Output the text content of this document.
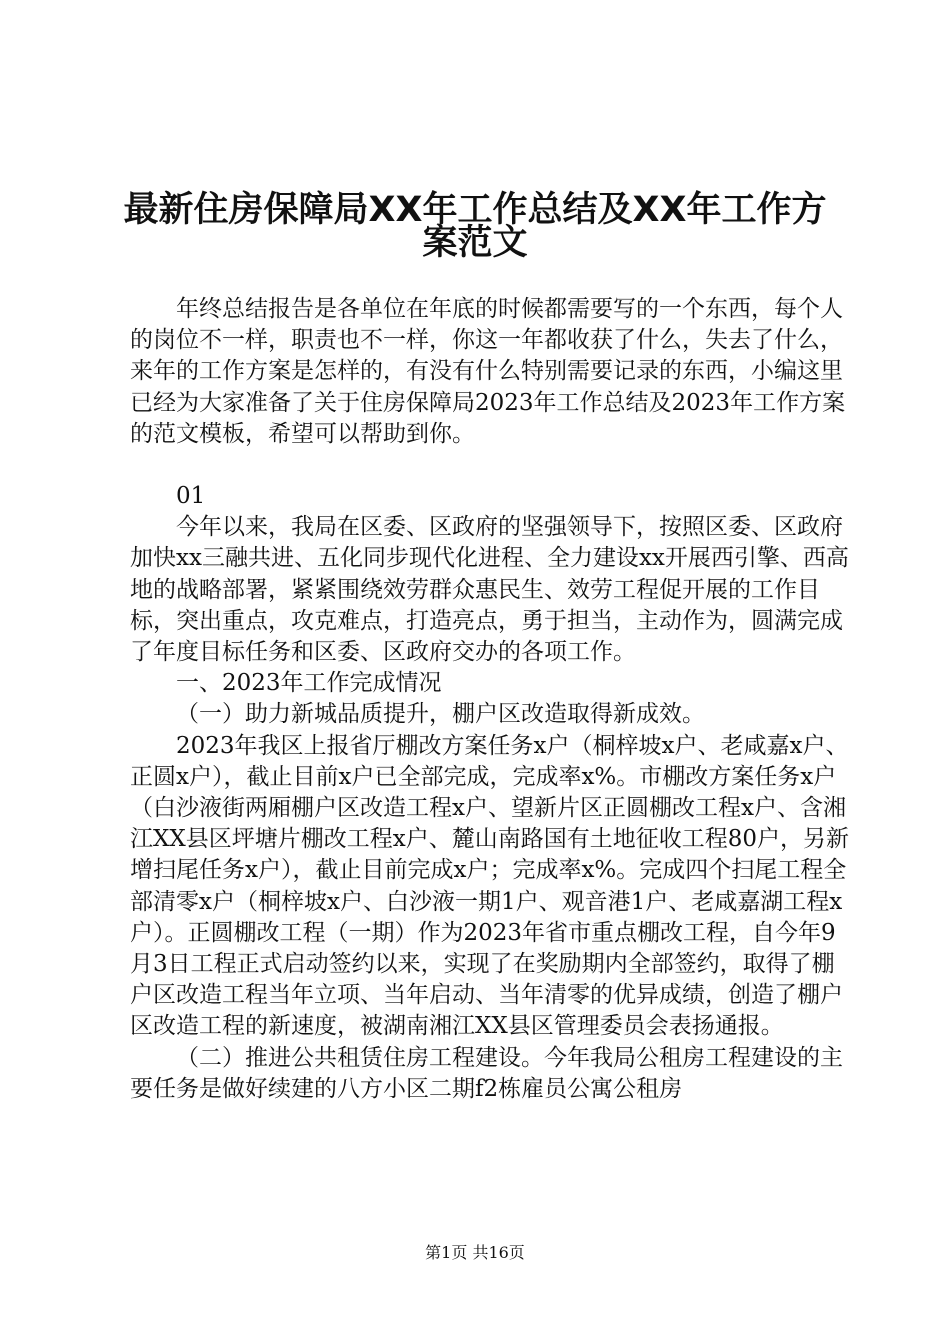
最新住房保障局XX年工作总结及XX年工作方
案范文

年终总结报告是各单位在年底的时候都需要写的一个东西，每个人的岗位不一样，职责也不一样，你这一年都收获了什么，失去了什么，来年的工作方案是怎样的，有没有什么特别需要记录的东西，小编这里已经为大家准备了关于住房保障局2023年工作总结及2023年工作方案的范文模板，希望可以帮助到你。

01

今年以来，我局在区委、区政府的坚强领导下，按照区委、区政府加快xx三融共进、五化同步现代化进程、全力建设xx开展西引擎、西高地的战略部署，紧紧围绕效劳群众惠民生、效劳工程促开展的工作目标，突出重点，攻克难点，打造亮点，勇于担当，主动作为，圆满完成了年度目标任务和区委、区政府交办的各项工作。

一、2023年工作完成情况

（一）助力新城品质提升，棚户区改造取得新成效。

2023年我区上报省厅棚改方案任务x户（桐梓坡x户、老咸嘉x户、正圆x户），截止目前x户已全部完成，完成率x%。市棚改方案任务x户（白沙液街两厢棚户区改造工程x户、望新片区正圆棚改工程x户、含湘江XX县区坪塘片棚改工程x户、麓山南路国有土地征收工程80户，另新增扫尾任务x户），截止目前完成x户；完成率x%。完成四个扫尾工程全部清零x户（桐梓坡x户、白沙液一期1户、观音港1户、老咸嘉湖工程x户）。正圆棚改工程（一期）作为2023年省市重点棚改工程，自今年9月3日工程正式启动签约以来，实现了在奖励期内全部签约，取得了棚户区改造工程当年立项、当年启动、当年清零的优异成绩，创造了棚户区改造工程的新速度，被湖南湘江XX县区管理委员会表扬通报。

（二）推进公共租赁住房工程建设。今年我局公租房工程建设的主要任务是做好续建的八方小区二期f2栋雇员公寓公租房

第1页 共16页
